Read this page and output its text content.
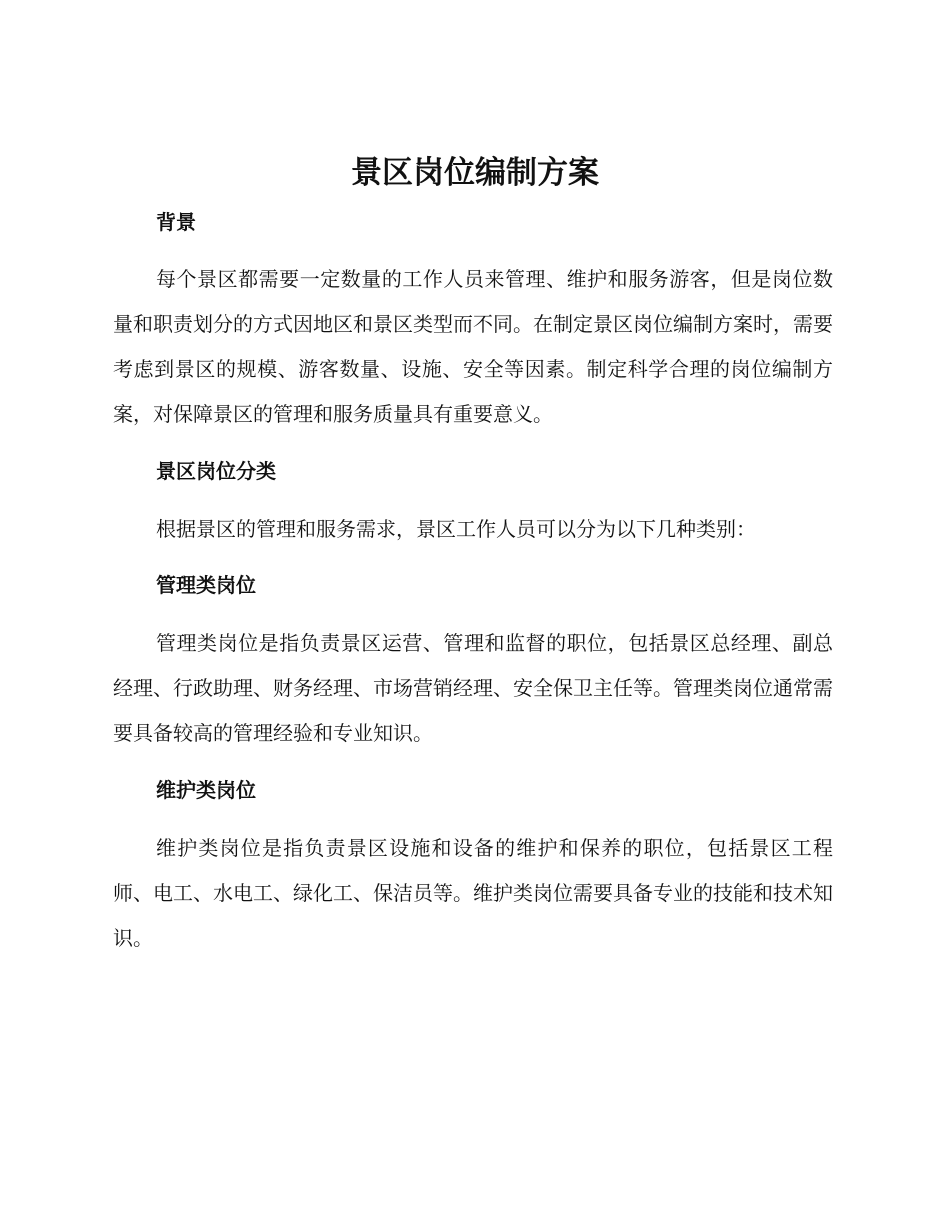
景区岗位编制方案
背景
每个景区都需要一定数量的工作人员来管理、维护和服务游客，但是岗位数量和职责划分的方式因地区和景区类型而不同。在制定景区岗位编制方案时，需要考虑到景区的规模、游客数量、设施、安全等因素。制定科学合理的岗位编制方案，对保障景区的管理和服务质量具有重要意义。
景区岗位分类
根据景区的管理和服务需求，景区工作人员可以分为以下几种类别：
管理类岗位
管理类岗位是指负责景区运营、管理和监督的职位，包括景区总经理、副总经理、行政助理、财务经理、市场营销经理、安全保卫主任等。管理类岗位通常需要具备较高的管理经验和专业知识。
维护类岗位
维护类岗位是指负责景区设施和设备的维护和保养的职位，包括景区工程师、电工、水电工、绿化工、保洁员等。维护类岗位需要具备专业的技能和技术知识。
